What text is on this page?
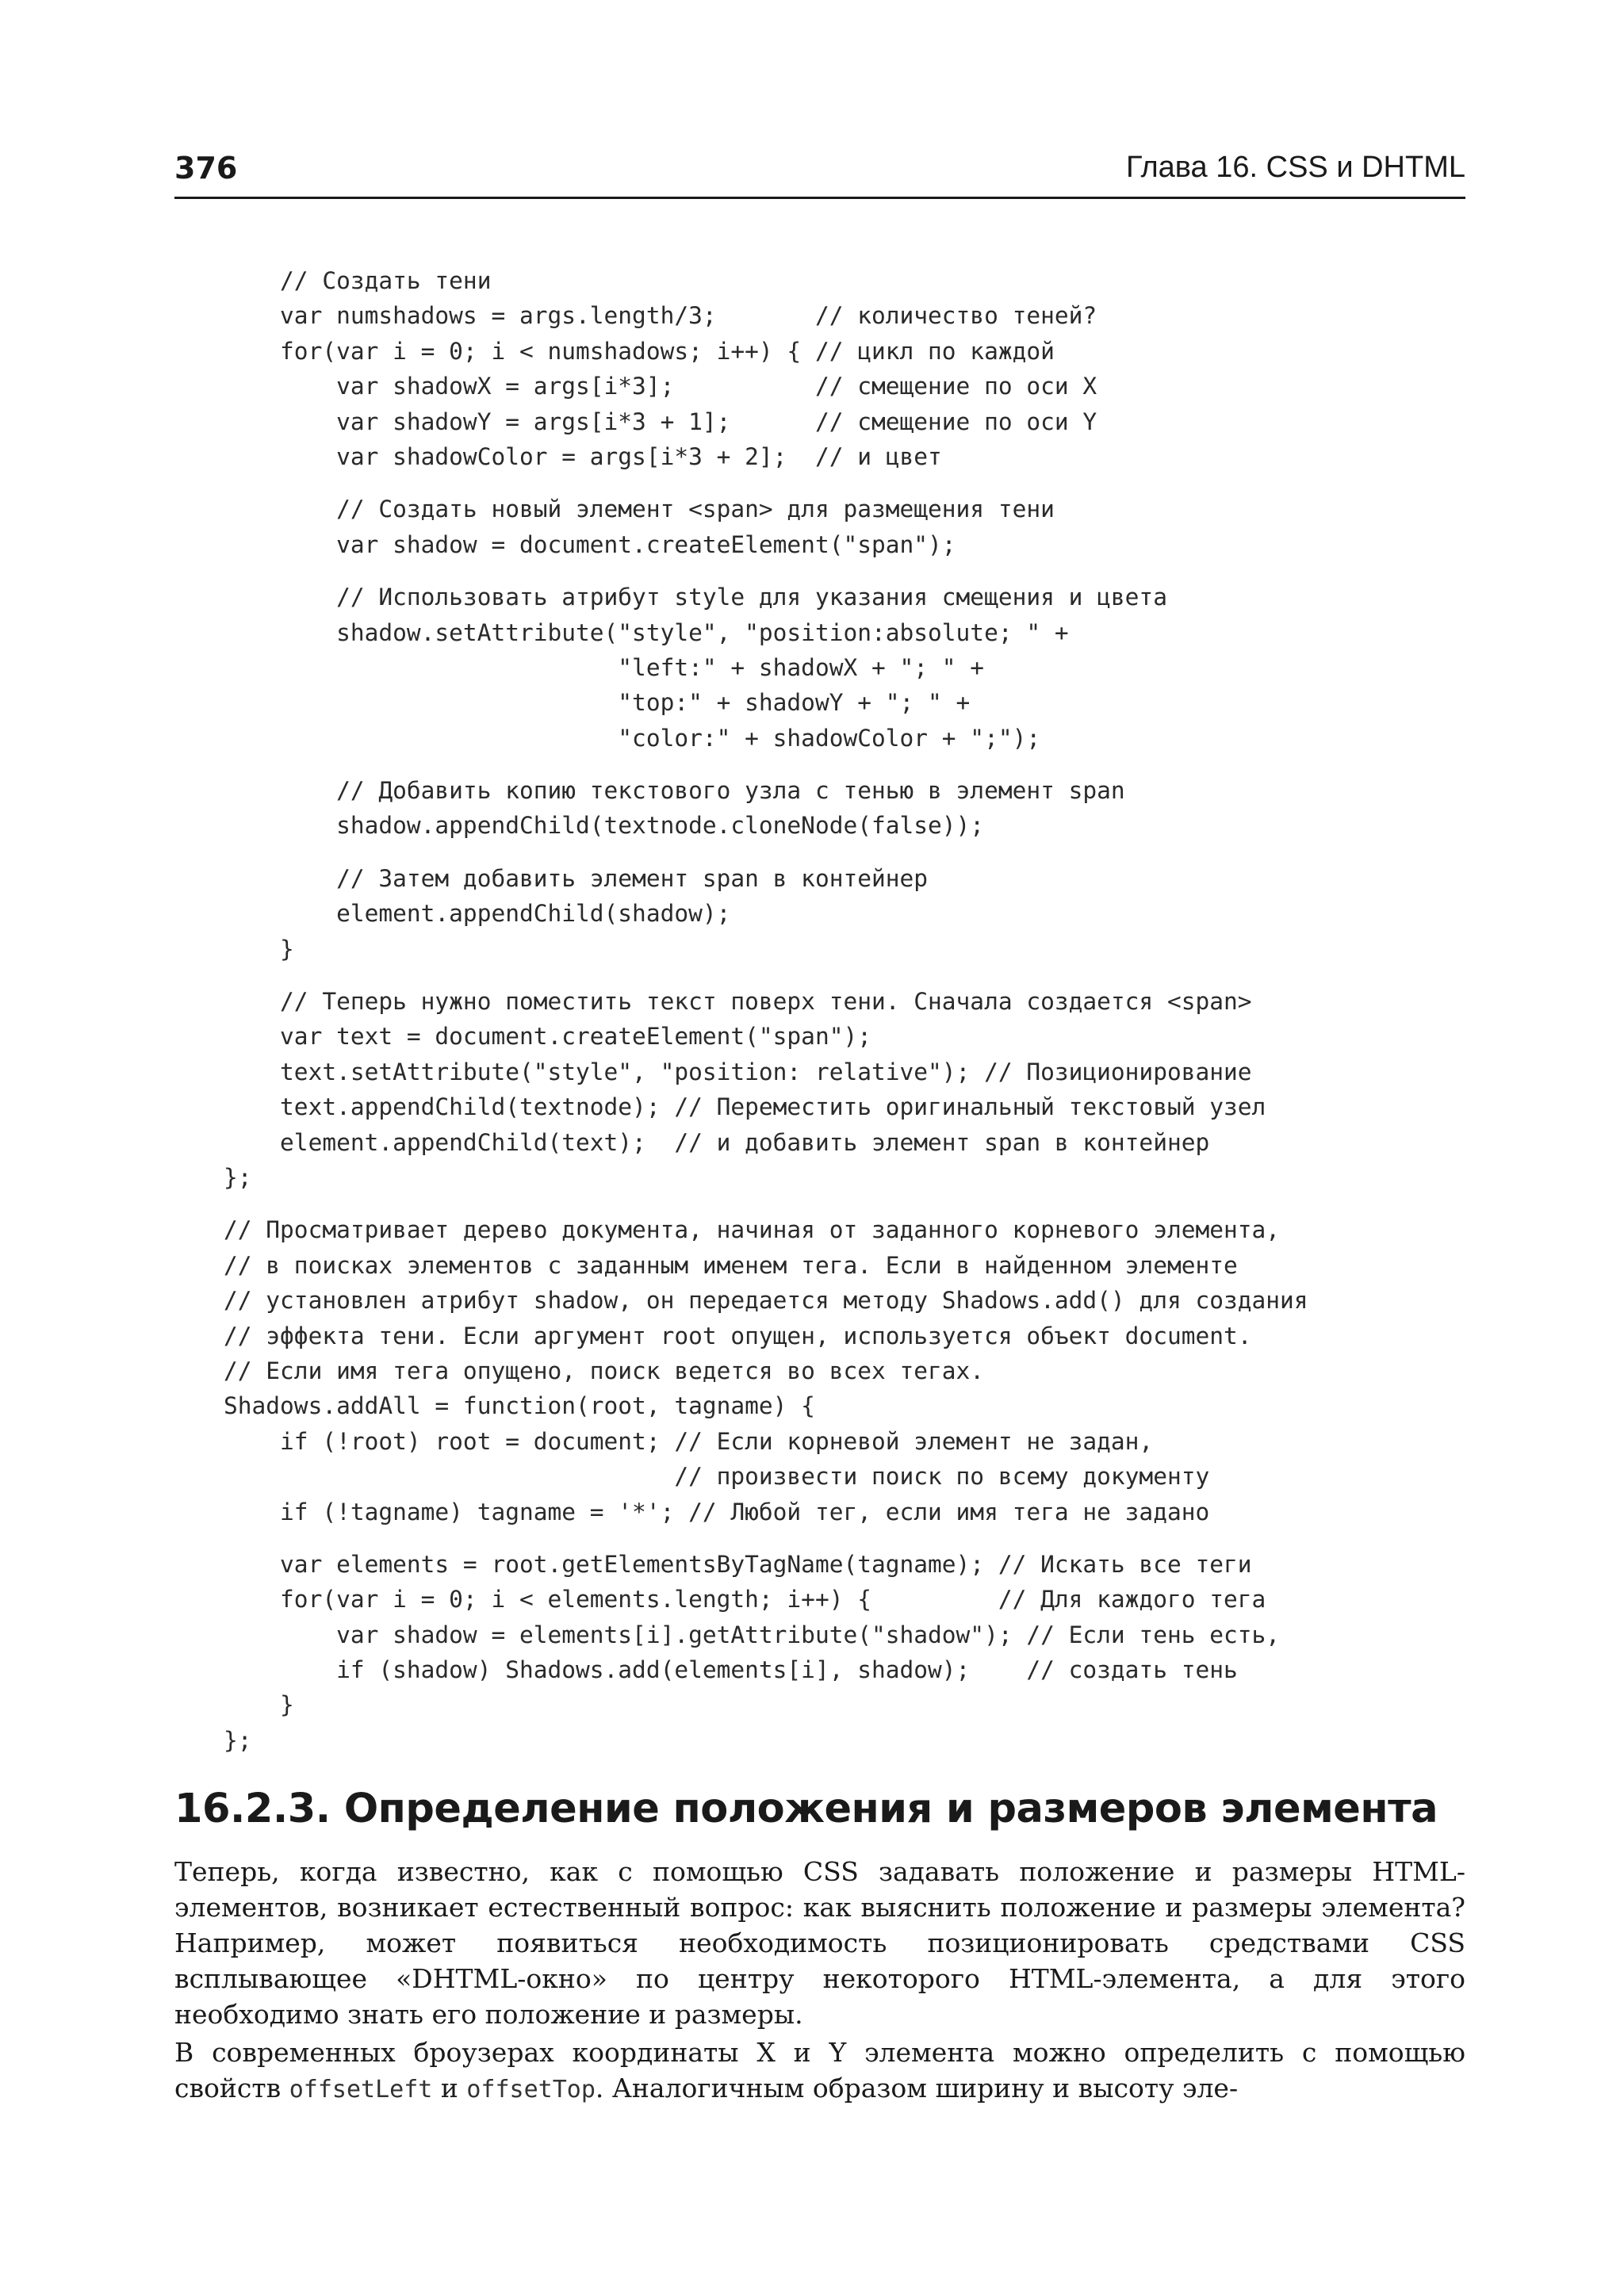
376	Глава 16. CSS и DHTML
// Создать тени
var numshadows = args.length/3;       // количество теней?
for(var i = 0; i < numshadows; i++) { // цикл по каждой
var shadowX = args[i*3];          // смещение по оси X
var shadowY = args[i*3 + 1];      // смещение по оси Y
var shadowColor = args[i*3 + 2];  // и цвет
// Создать новый элемент <span> для размещения тени
var shadow = document.createElement("span");
// Использовать атрибут style для указания смещения и цвета
shadow.setAttribute("style", "position:absolute; " +
"left:" + shadowX + "; " +
"top:" + shadowY + "; " +
"color:" + shadowColor + ";");
// Добавить копию текстового узла с тенью в элемент span
shadow.appendChild(textnode.cloneNode(false));
// Затем добавить элемент span в контейнер
element.appendChild(shadow);
}
// Теперь нужно поместить текст поверх тени. Сначала создается <span>
var text = document.createElement("span");
text.setAttribute("style", "position: relative"); // Позиционирование
text.appendChild(textnode); // Переместить оригинальный текстовый узел
element.appendChild(text);  // и добавить элемент span в контейнер
};
// Просматривает дерево документа, начиная от заданного корневого элемента,
// в поисках элементов с заданным именем тега. Если в найденном элементе
// установлен атрибут shadow, он передается методу Shadows.add() для создания
// эффекта тени. Если аргумент root опущен, используется объект document.
// Если имя тега опущено, поиск ведется во всех тегах.
Shadows.addAll = function(root, tagname) {
if (!root) root = document; // Если корневой элемент не задан,
// произвести поиск по всему документу
if (!tagname) tagname = '*'; // Любой тег, если имя тега не задано
var elements = root.getElementsByTagName(tagname); // Искать все теги
for(var i = 0; i < elements.length; i++) {         // Для каждого тега
var shadow = elements[i].getAttribute("shadow"); // Если тень есть,
if (shadow) Shadows.add(elements[i], shadow);    // создать тень
}
};
16.2.3. Определение положения и размеров элемента

Теперь, когда известно, как с помощью CSS задавать положение и размеры HTML-элементов, возникает естественный вопрос: как выяснить положение и размеры элемента? Например, может появиться необходимость позиционировать средствами CSS всплывающее «DHTML-окно» по центру некоторого HTML-элемента, а для этого необходимо знать его положение и размеры.

В современных броузерах координаты X и Y элемента можно определить с помощью свойств offsetLeft и offsetTop. Аналогичным образом ширину и высоту эле-
